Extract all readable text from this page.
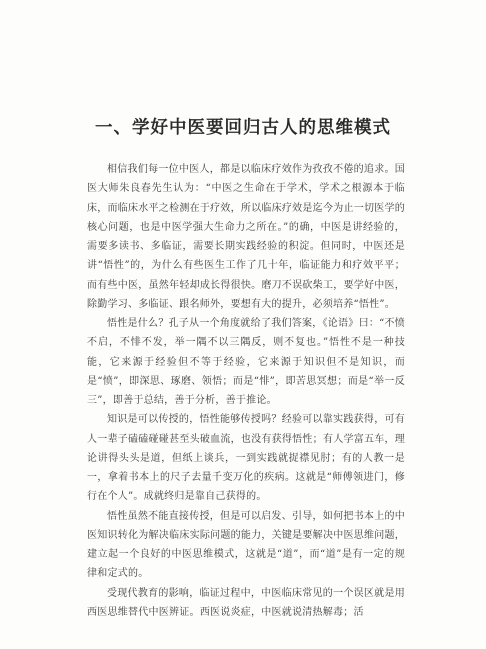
一、学好中医要回归古人的思维模式

相信我们每一位中医人，都是以临床疗效作为孜孜不倦的追求。国医大师朱良春先生认为：“中医之生命在于学术，学术之根源本于临床，而临床水平之检测在于疗效，所以临床疗效是迄今为止一切医学的核心问题，也是中医学强大生命力之所在。”的确，中医是讲经验的，需要多读书、多临证，需要长期实践经验的积淀。但同时，中医还是讲“悟性”的，为什么有些医生工作了几十年，临证能力和疗效平平；而有些中医，虽然年轻却成长得很快。磨刀不误砍柴工，要学好中医，除勤学习、多临证、跟名师外，要想有大的提升，必须培养“悟性”。

悟性是什么？孔子从一个角度就给了我们答案，《论语》曰：“不愤不启，不悱不发，举一隅不以三隅反，则不复也。”悟性不是一种技能，它来源于经验但不等于经验，它来源于知识但不是知识，而是“愤”，即深思、琢磨、领悟；而是“悱”，即苦思冥想；而是“举一反三”，即善于总结，善于分析，善于推论。

知识是可以传授的，悟性能够传授吗？经验可以靠实践获得，可有人一辈子磕磕碰碰甚至头破血流，也没有获得悟性；有人学富五车，理论讲得头头是道，但纸上谈兵，一到实践就捉襟见肘；有的人教一是一，拿着书本上的尺子去量千变万化的疾病。这就是“师傅领进门，修行在个人”。成就终归是靠自己获得的。

悟性虽然不能直接传授，但是可以启发、引导，如何把书本上的中医知识转化为解决临床实际问题的能力，关键是要解决中医思维问题，建立起一个良好的中医思维模式，这就是“道”，而“道”是有一定的规律和定式的。

受现代教育的影响，临证过程中，中医临床常见的一个误区就是用西医思维替代中医辨证。西医说炎症，中医就说清热解毒；活
